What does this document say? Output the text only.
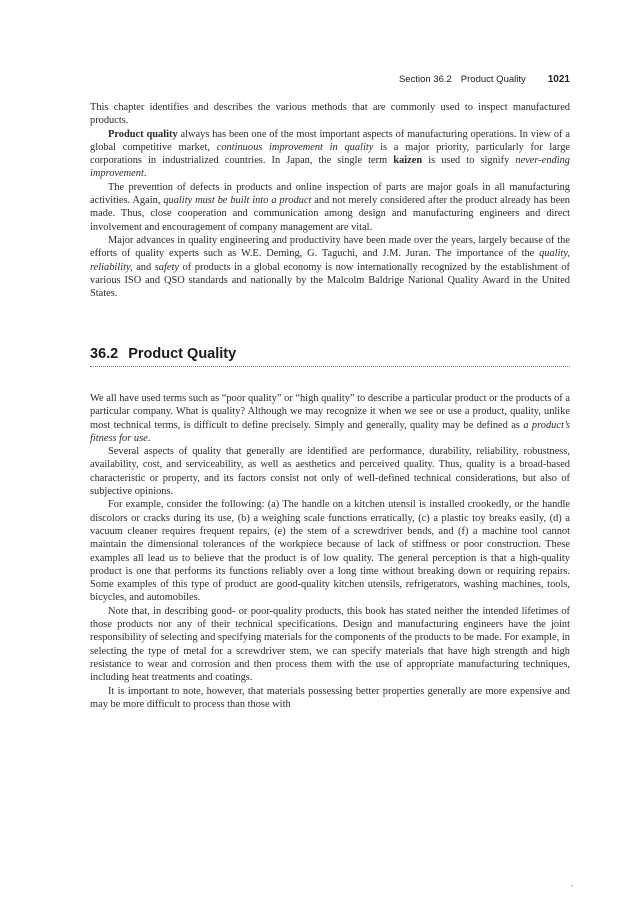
Section 36.2 Product Quality 1021

This chapter identifies and describes the various methods that are commonly used to inspect manufactured products.

Product quality always has been one of the most important aspects of manufacturing operations. In view of a global competitive market, continuous improvement in quality is a major priority, particularly for large corporations in industrialized countries. In Japan, the single term kaizen is used to signify never-ending improvement.

The prevention of defects in products and online inspection of parts are major goals in all manufacturing activities. Again, quality must be built into a product and not merely considered after the product already has been made. Thus, close cooperation and communication among design and manufacturing engineers and direct involvement and encouragement of company management are vital.

Major advances in quality engineering and productivity have been made over the years, largely because of the efforts of quality experts such as W.E. Deming, G. Taguchi, and J.M. Juran. The importance of the quality, reliability, and safety of products in a global economy is now internationally recognized by the establishment of various ISO and QSO standards and nationally by the Malcolm Baldrige National Quality Award in the United States.

36.2 Product Quality

We all have used terms such as “poor quality” or “high quality” to describe a particular product or the products of a particular company. What is quality? Although we may recognize it when we see or use a product, quality, unlike most technical terms, is difficult to define precisely. Simply and generally, quality may be defined as a product’s fitness for use.

Several aspects of quality that generally are identified are performance, durability, reliability, robustness, availability, cost, and serviceability, as well as aesthetics and perceived quality. Thus, quality is a broad-based characteristic or property, and its factors consist not only of well-defined technical considerations, but also of subjective opinions.

For example, consider the following: (a) The handle on a kitchen utensil is installed crookedly, or the handle discolors or cracks during its use, (b) a weighing scale functions erratically, (c) a plastic toy breaks easily, (d) a vacuum cleaner requires frequent repairs, (e) the stem of a screwdriver bends, and (f) a machine tool cannot maintain the dimensional tolerances of the workpiece because of lack of stiffness or poor construction. These examples all lead us to believe that the product is of low quality. The general perception is that a high-quality product is one that performs its functions reliably over a long time without breaking down or requiring repairs. Some examples of this type of product are good-quality kitchen utensils, refrigerators, washing machines, tools, bicycles, and automobiles.

Note that, in describing good- or poor-quality products, this book has stated neither the intended lifetimes of those products nor any of their technical specifications. Design and manufacturing engineers have the joint responsibility of selecting and specifying materials for the components of the products to be made. For example, in selecting the type of metal for a screwdriver stem, we can specify materials that have high strength and high resistance to wear and corrosion and then process them with the use of appropriate manufacturing techniques, including heat treatments and coatings.

It is important to note, however, that materials possessing better properties generally are more expensive and may be more difficult to process than those with

-
